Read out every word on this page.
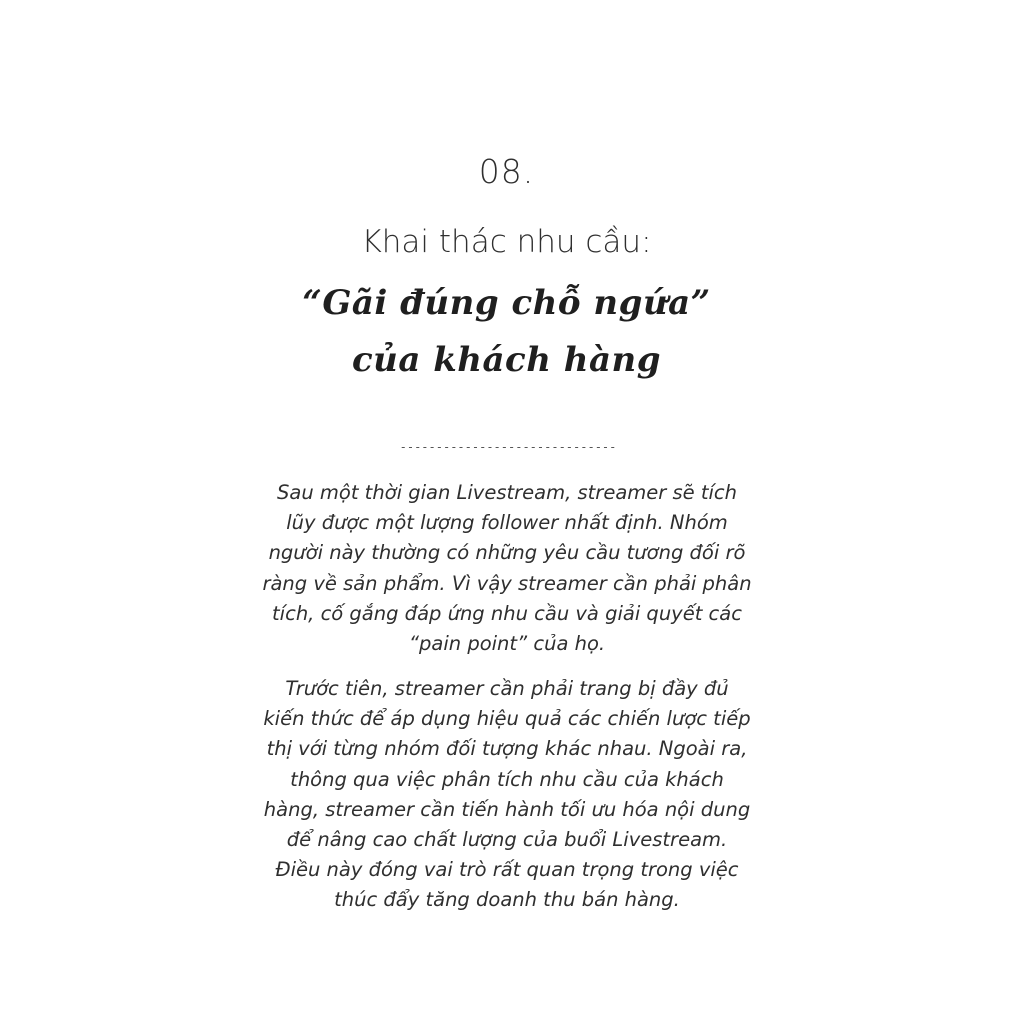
08.
Khai thác nhu cầu:
“Gãi đúng chỗ ngứa”
của khách hàng
------------------------------

Sau một thời gian Livestream, streamer sẽ tích lũy được một lượng follower nhất định. Nhóm người này thường có những yêu cầu tương đối rõ ràng về sản phẩm. Vì vậy streamer cần phải phân tích, cố gắng đáp ứng nhu cầu và giải quyết các “pain point” của họ.

Trước tiên, streamer cần phải trang bị đầy đủ kiến thức để áp dụng hiệu quả các chiến lược tiếp thị với từng nhóm đối tượng khác nhau. Ngoài ra, thông qua việc phân tích nhu cầu của khách hàng, streamer cần tiến hành tối ưu hóa nội dung để nâng cao chất lượng của buổi Livestream. Điều này đóng vai trò rất quan trọng trong việc thúc đẩy tăng doanh thu bán hàng.
